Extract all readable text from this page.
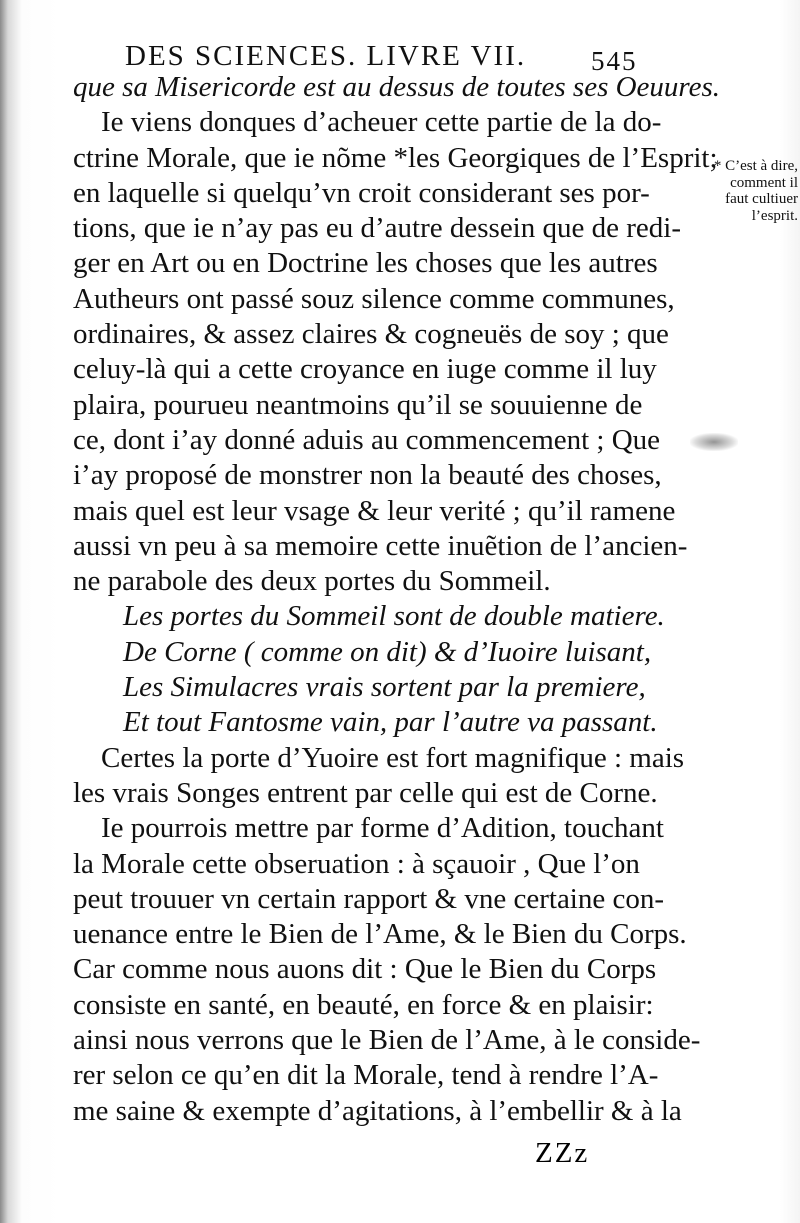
DES SCIENCES. LIVRE VII. 545
que sa Misericorde est au dessus de toutes ses Oeuures.
Ie viens donques d’acheuer cette partie de la do-
ctrine Morale, que ie nõme *les Georgiques de l’Esprit;
en laquelle si quelqu’vn croit considerant ses por-
tions, que ie n’ay pas eu d’autre dessein que de redi-
ger en Art ou en Doctrine les choses que les autres
Autheurs ont passé souz silence comme communes,
ordinaires, & assez claires & cogneuës de soy ; que
celuy-là qui a cette croyance en iuge comme il luy
plaira, pourueu neantmoins qu’il se souuienne de
ce, dont i’ay donné aduis au commencement ; Que
i’ay proposé de monstrer non la beauté des choses,
mais quel est leur vsage & leur verité ; qu’il ramene
aussi vn peu à sa memoire cette inuẽtion de l’ancien-
ne parabole des deux portes du Sommeil.
Les portes du Sommeil sont de double matiere.
De Corne ( comme on dit) & d’Iuoire luisant,
Les Simulacres vrais sortent par la premiere,
Et tout Fantosme vain, par l’autre va passant.
Certes la porte d’Yuoire est fort magnifique : mais
les vrais Songes entrent par celle qui est de Corne.
Ie pourrois mettre par forme d’Adition, touchant
la Morale cette obseruation : à sçauoir , Que l’on
peut trouuer vn certain rapport & vne certaine con-
uenance entre le Bien de l’Ame, & le Bien du Corps.
Car comme nous auons dit : Que le Bien du Corps
consiste en santé, en beauté, en force & en plaisir:
ainsi nous verrons que le Bien de l’Ame, à le conside-
rer selon ce qu’en dit la Morale, tend à rendre l’A-
me saine & exempte d’agitations, à l’embellir & à la
* C’est à dire,
comment il
faut cultiuer
l’esprit.
ZZz
